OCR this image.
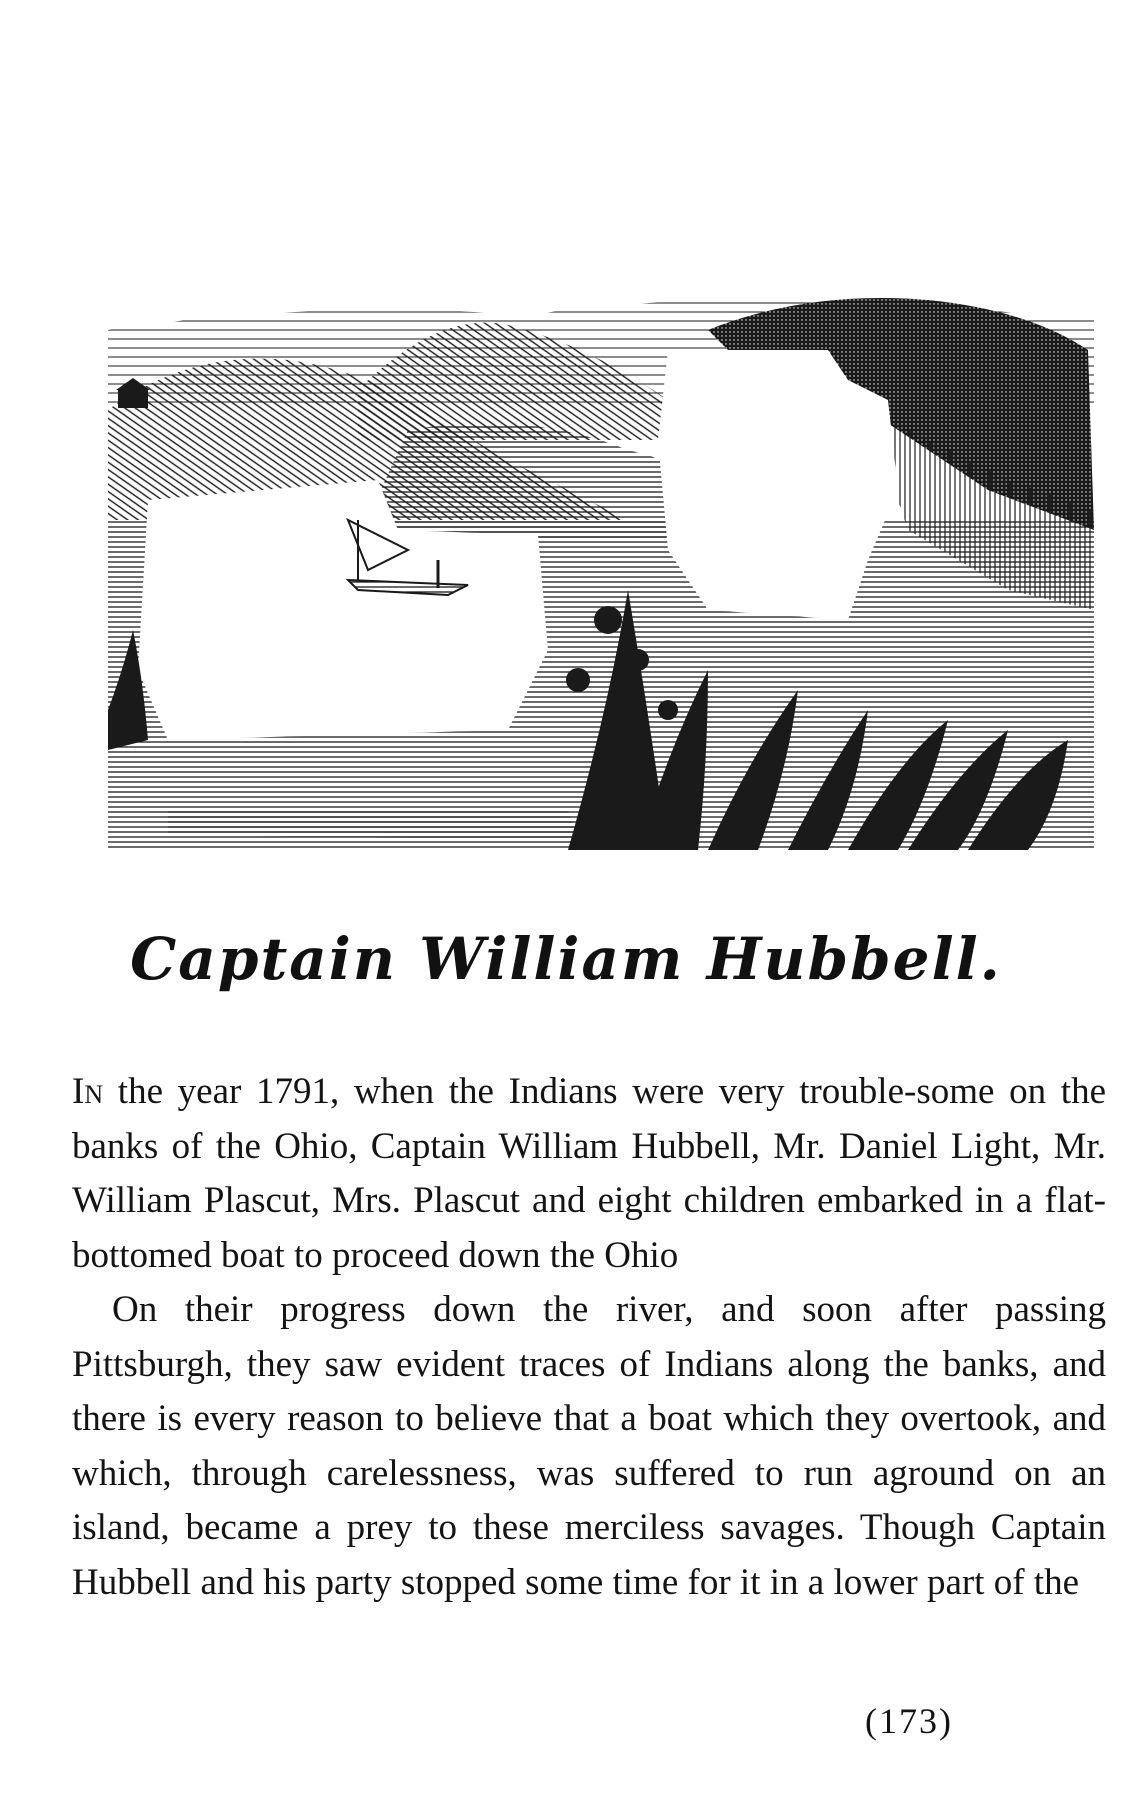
Captain William Hubbell.

In the year 1791, when the Indians were very trouble-some on the banks of the Ohio, Captain William Hubbell, Mr. Daniel Light, Mr. William Plascut, Mrs. Plascut and eight children embarked in a flat-bottomed boat to proceed down the Ohio

On their progress down the river, and soon after passing Pittsburgh, they saw evident traces of Indians along the banks, and there is every reason to believe that a boat which they overtook, and which, through carelessness, was suffered to run aground on an island, became a prey to these merciless savages. Though Captain Hubbell and his party stopped some time for it in a lower part of the

(173)
